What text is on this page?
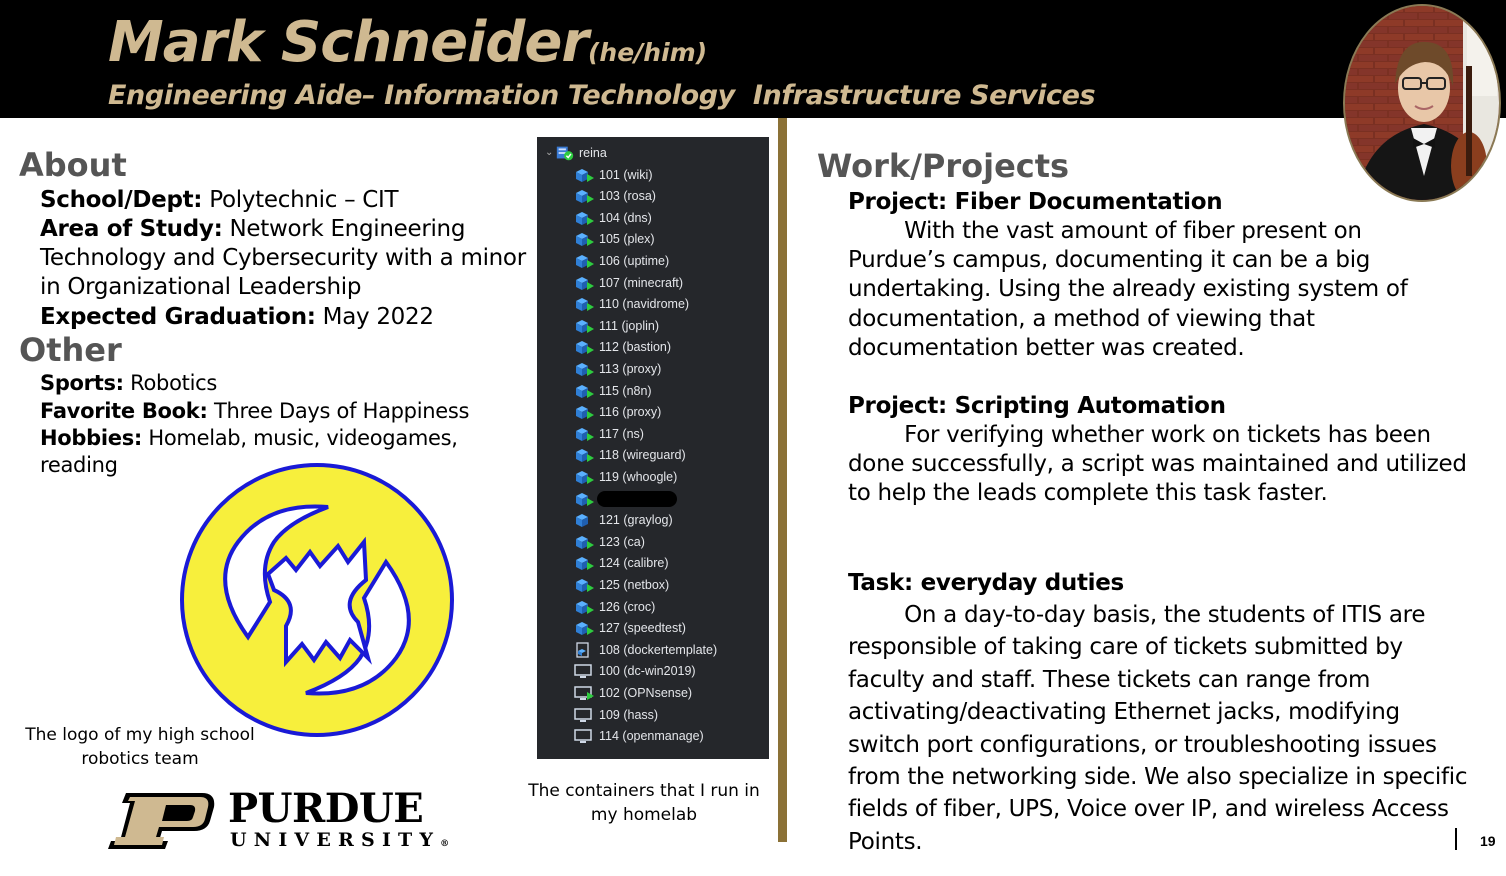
Mark Schneider(he/him)
Engineering Aide– Information Technology  Infrastructure Services
About
School/Dept: Polytechnic – CIT
Area of Study: Network Engineering
Technology and Cybersecurity with a minor
in Organizational Leadership
Expected Graduation: May 2022
Other
Sports: Robotics
Favorite Book: Three Days of Happiness
Hobbies: Homelab, music, videogames,
reading
The logo of my high school
robotics team
PURDUE
UNIVERSITY®
⌄ reina
101 (wiki)
103 (rosa)
104 (dns)
105 (plex)
106 (uptime)
107 (minecraft)
110 (navidrome)
111 (joplin)
112 (bastion)
113 (proxy)
115 (n8n)
116 (proxy)
117 (ns)
118 (wireguard)
119 (whoogle)
121 (graylog)
123 (ca)
124 (calibre)
125 (netbox)
126 (croc)
127 (speedtest)
108 (dockertemplate)
100 (dc-win2019)
102 (OPNsense)
109 (hass)
114 (openmanage)
The containers that I run in
my homelab
Work/Projects
Project: Fiber Documentation
With the vast amount of fiber present on
Purdue’s campus, documenting it can be a big
undertaking. Using the already existing system of
documentation, a method of viewing that
documentation better was created.
Project: Scripting Automation
For verifying whether work on tickets has been
done successfully, a script was maintained and utilized
to help the leads complete this task faster.
Task: everyday duties
On a day-to-day basis, the students of ITIS are
responsible of taking care of tickets submitted by
faculty and staff. These tickets can range from
activating/deactivating Ethernet jacks, modifying
switch port configurations, or troubleshooting issues
from the networking side. We also specialize in specific
fields of fiber, UPS, Voice over IP, and wireless Access
Points.	19
